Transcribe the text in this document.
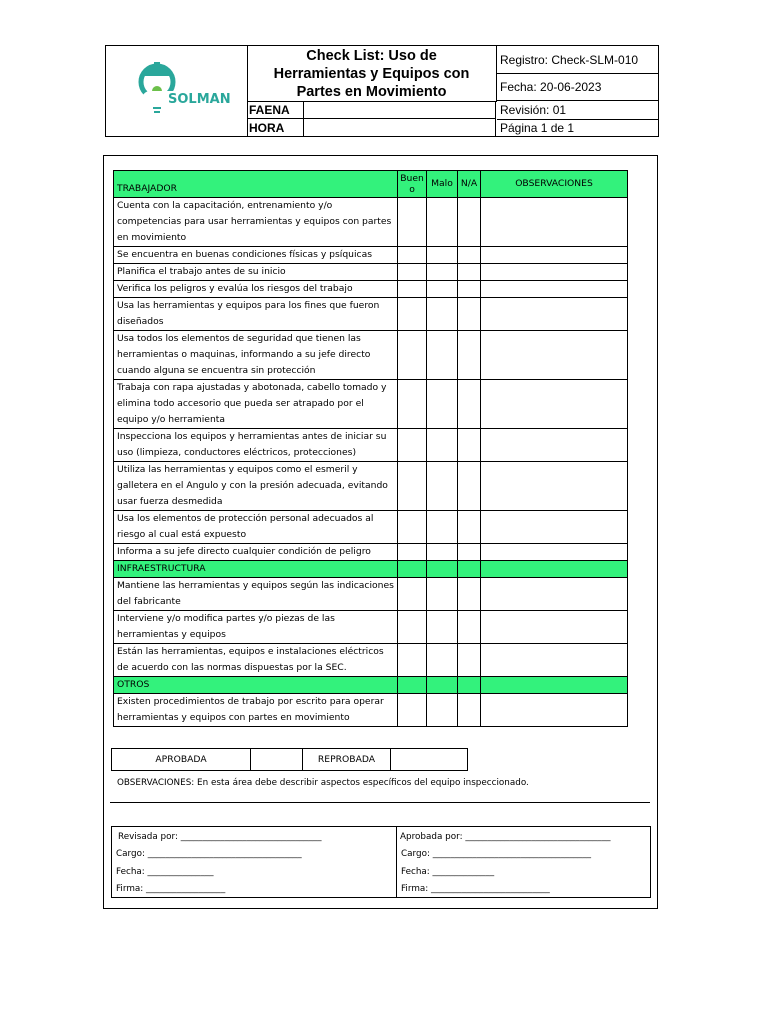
SOLMAN
Check List: Uso de Herramientas y Equipos con Partes en Movimiento
Registro: Check-SLM-010
Fecha: 20-06-2023
Revisión: 01
Página 1 de 1
FAENA
HORA
TRABAJADOR	Buen o	Malo	N/A	OBSERVACIONES
Cuenta con la capacitación, entrenamiento y/o competencias para usar herramientas y equipos con partes en movimiento				
Se encuentra en buenas condiciones físicas y psíquicas				
Planifica el trabajo antes de su inicio				
Verifica los peligros y evalúa los riesgos del trabajo				
Usa las herramientas y equipos para los fines que fueron diseñados				
Usa todos los elementos de seguridad que tienen las herramientas o maquinas, informando a su jefe directo cuando alguna se encuentra sin protección				
Trabaja con rapa ajustadas y abotonada, cabello tomado y elimina todo accesorio que pueda ser atrapado por el equipo y/o herramienta				
Inspecciona los equipos y herramientas antes de iniciar su uso (limpieza, conductores eléctricos, protecciones)				
Utiliza las herramientas y equipos como el esmeril y galletera en el Angulo y con la presión adecuada, evitando usar fuerza desmedida				
Usa los elementos de protección personal adecuados al riesgo al cual está expuesto				
Informa a su jefe directo cualquier condición de peligro				
INFRAESTRUCTURA				
Mantiene las herramientas y equipos según las indicaciones del fabricante				
Interviene y/o modifica partes y/o piezas de las herramientas y equipos				
Están las herramientas, equipos e instalaciones eléctricos de acuerdo con las normas dispuestas por la SEC.				
OTROS				
Existen procedimientos de trabajo por escrito para operar herramientas y equipos con partes en movimiento				
APROBADA	REPROBADA
OBSERVACIONES: En esta área debe describir aspectos específicos del equipo inspeccionado.
Revisada por: ________________________________
Cargo: ___________________________________
Fecha: _______________
Firma: __________________
Aprobada por: _________________________________
Cargo: ____________________________________
Fecha: ______________
Firma: ___________________________
